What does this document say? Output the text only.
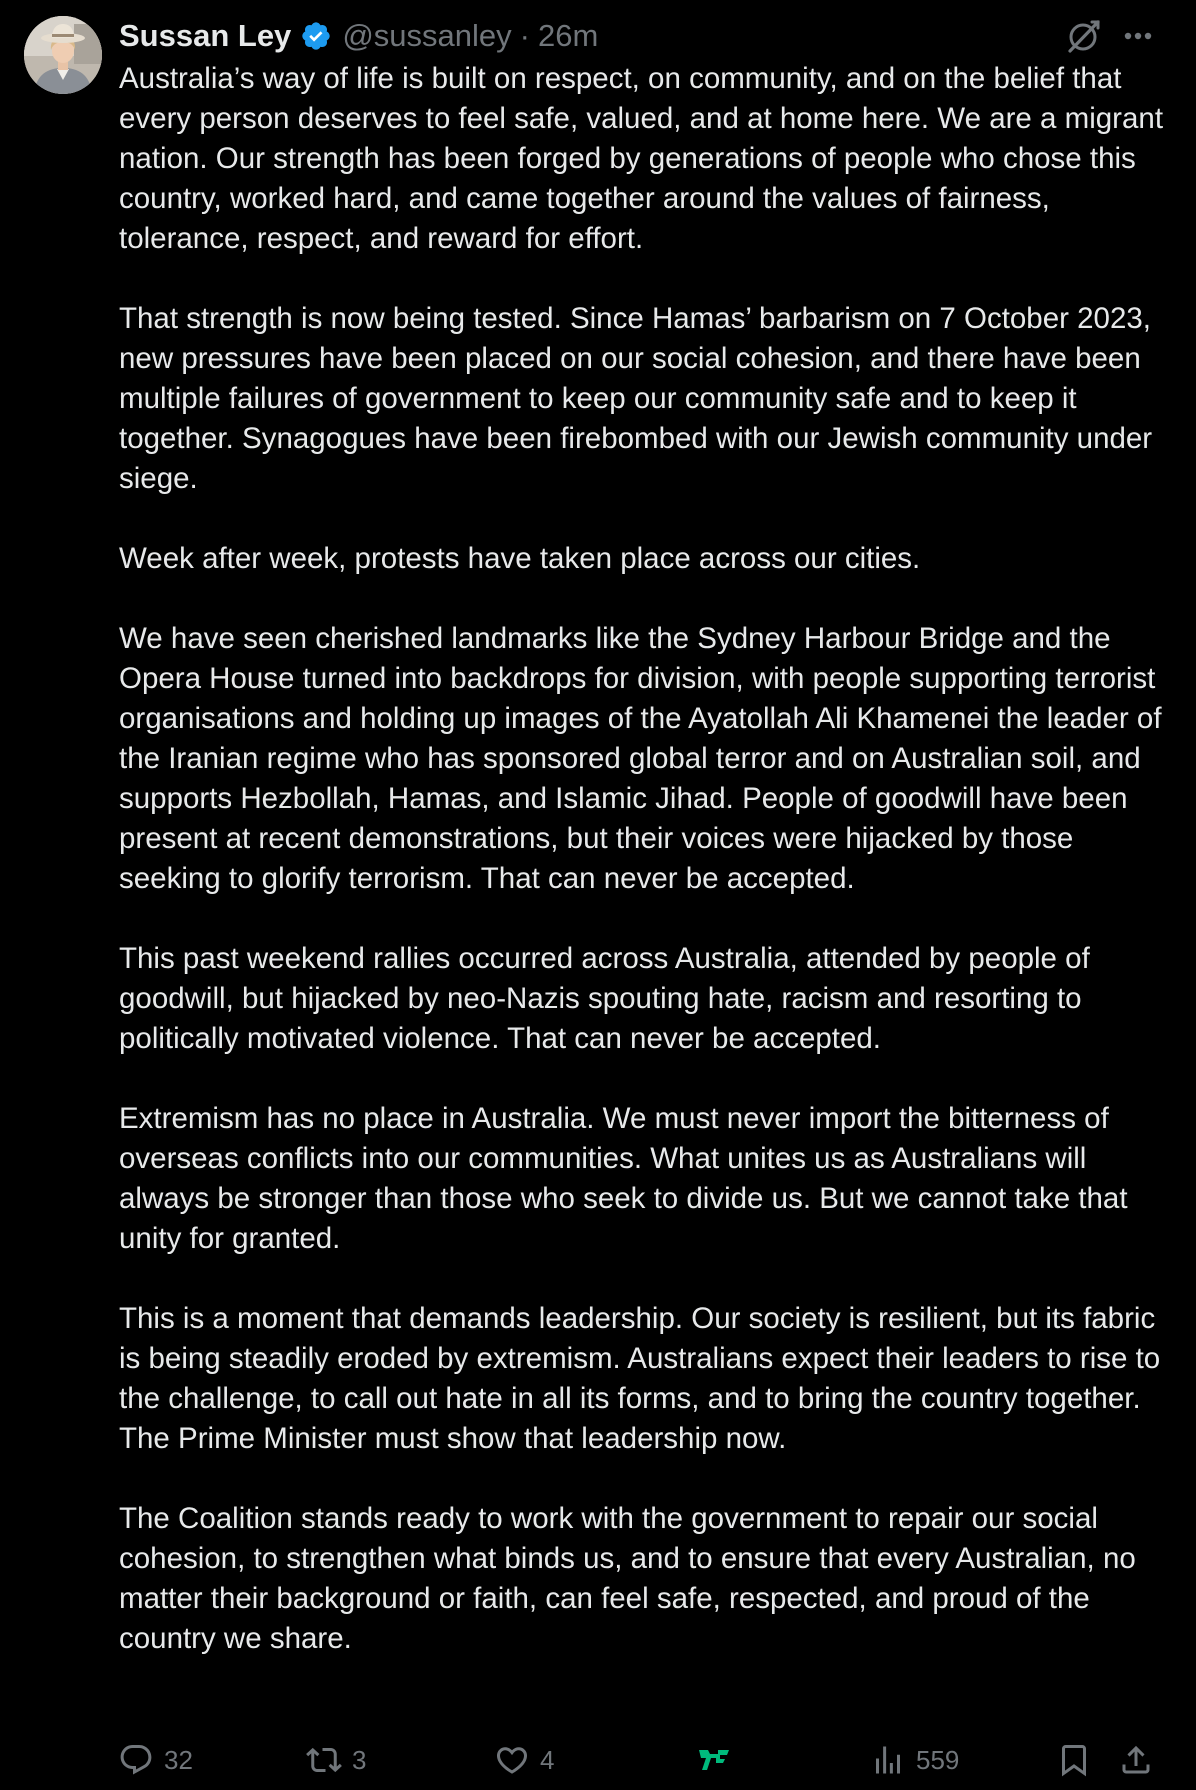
Sussan Ley @sussanley · 26m

Australia’s way of life is built on respect, on community, and on the belief that every person deserves to feel safe, valued, and at home here. We are a migrant nation. Our strength has been forged by generations of people who chose this country, worked hard, and came together around the values of fairness, tolerance, respect, and reward for effort.

That strength is now being tested. Since Hamas’ barbarism on 7 October 2023, new pressures have been placed on our social cohesion, and there have been multiple failures of government to keep our community safe and to keep it together. Synagogues have been firebombed with our Jewish community under siege.

Week after week, protests have taken place across our cities.

We have seen cherished landmarks like the Sydney Harbour Bridge and the Opera House turned into backdrops for division, with people supporting terrorist organisations and holding up images of the Ayatollah Ali Khamenei the leader of the Iranian regime who has sponsored global terror and on Australian soil, and supports Hezbollah, Hamas, and Islamic Jihad. People of goodwill have been present at recent demonstrations, but their voices were hijacked by those seeking to glorify terrorism. That can never be accepted.

This past weekend rallies occurred across Australia, attended by people of goodwill, but hijacked by neo-Nazis spouting hate, racism and resorting to politically motivated violence. That can never be accepted.

Extremism has no place in Australia. We must never import the bitterness of overseas conflicts into our communities. What unites us as Australians will always be stronger than those who seek to divide us. But we cannot take that unity for granted.

This is a moment that demands leadership. Our society is resilient, but its fabric is being steadily eroded by extremism. Australians expect their leaders to rise to the challenge, to call out hate in all its forms, and to bring the country together. The Prime Minister must show that leadership now.

The Coalition stands ready to work with the government to repair our social cohesion, to strengthen what binds us, and to ensure that every Australian, no matter their background or faith, can feel safe, respected, and proud of the country we share.

32	3	4	559
